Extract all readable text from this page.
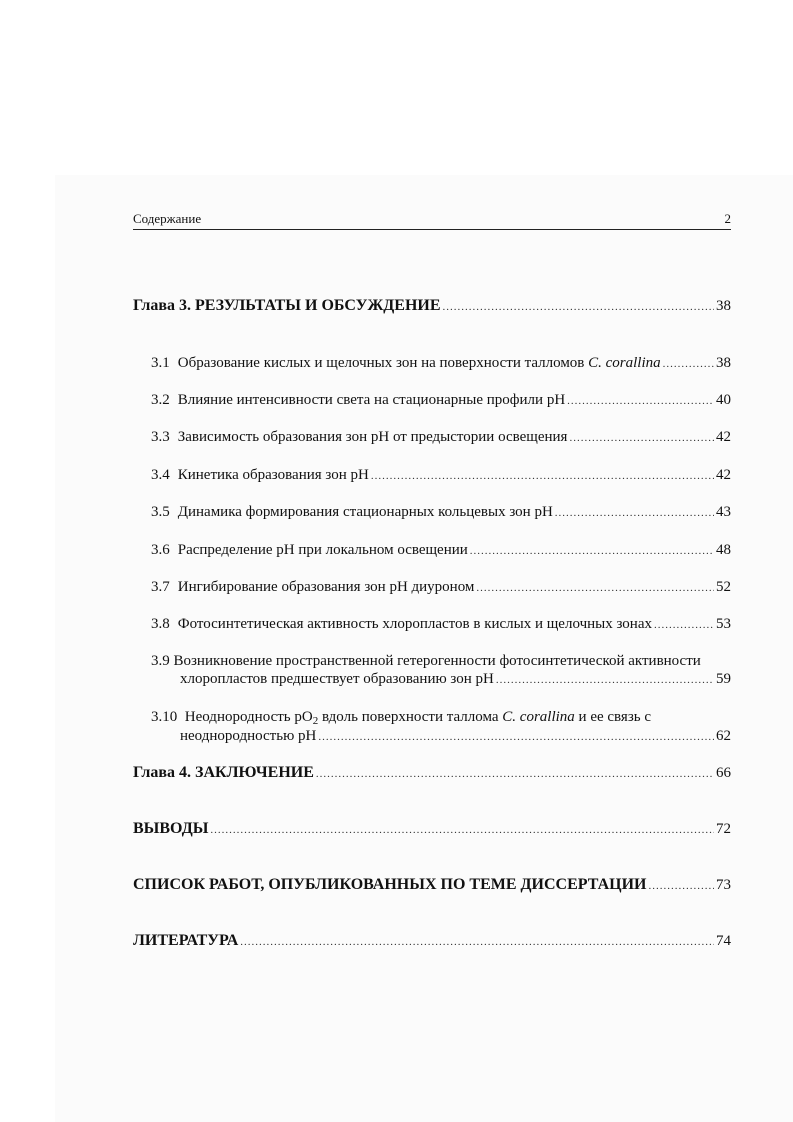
Содержание	2
Глава 3. РЕЗУЛЬТАТЫ И ОБСУЖДЕНИЕ .....	38
3.1 Образование кислых и щелочных зон на поверхности талломов C. corallina .....	38
3.2 Влияние интенсивности света на стационарные профили pH .....	40
3.3 Зависимость образования зон pH от предыстории освещения .....	42
3.4 Кинетика образования зон pH .....	42
3.5 Динамика формирования стационарных кольцевых зон pH .....	43
3.6 Распределение pH при локальном освещении .....	48
3.7 Ингибирование образования зон pH диуроном .....	52
3.8 Фотосинтетическая активность хлоропластов в кислых и щелочных зонах .....	53
3.9 Возникновение пространственной гетерогенности фотосинтетической активности
хлоропластов предшествует образованию зон pH .....	59
3.10 Неоднородность $pO_2$ вдоль поверхности таллома C. corallina и ее связь с
неоднородностью pH .....	62
Глава 4. ЗАКЛЮЧЕНИЕ .....	66
ВЫВОДЫ .....	72
СПИСОК РАБОТ, ОПУБЛИКОВАННЫХ ПО ТЕМЕ ДИССЕРТАЦИИ .....	73
ЛИТЕРАТУРА .....	74
